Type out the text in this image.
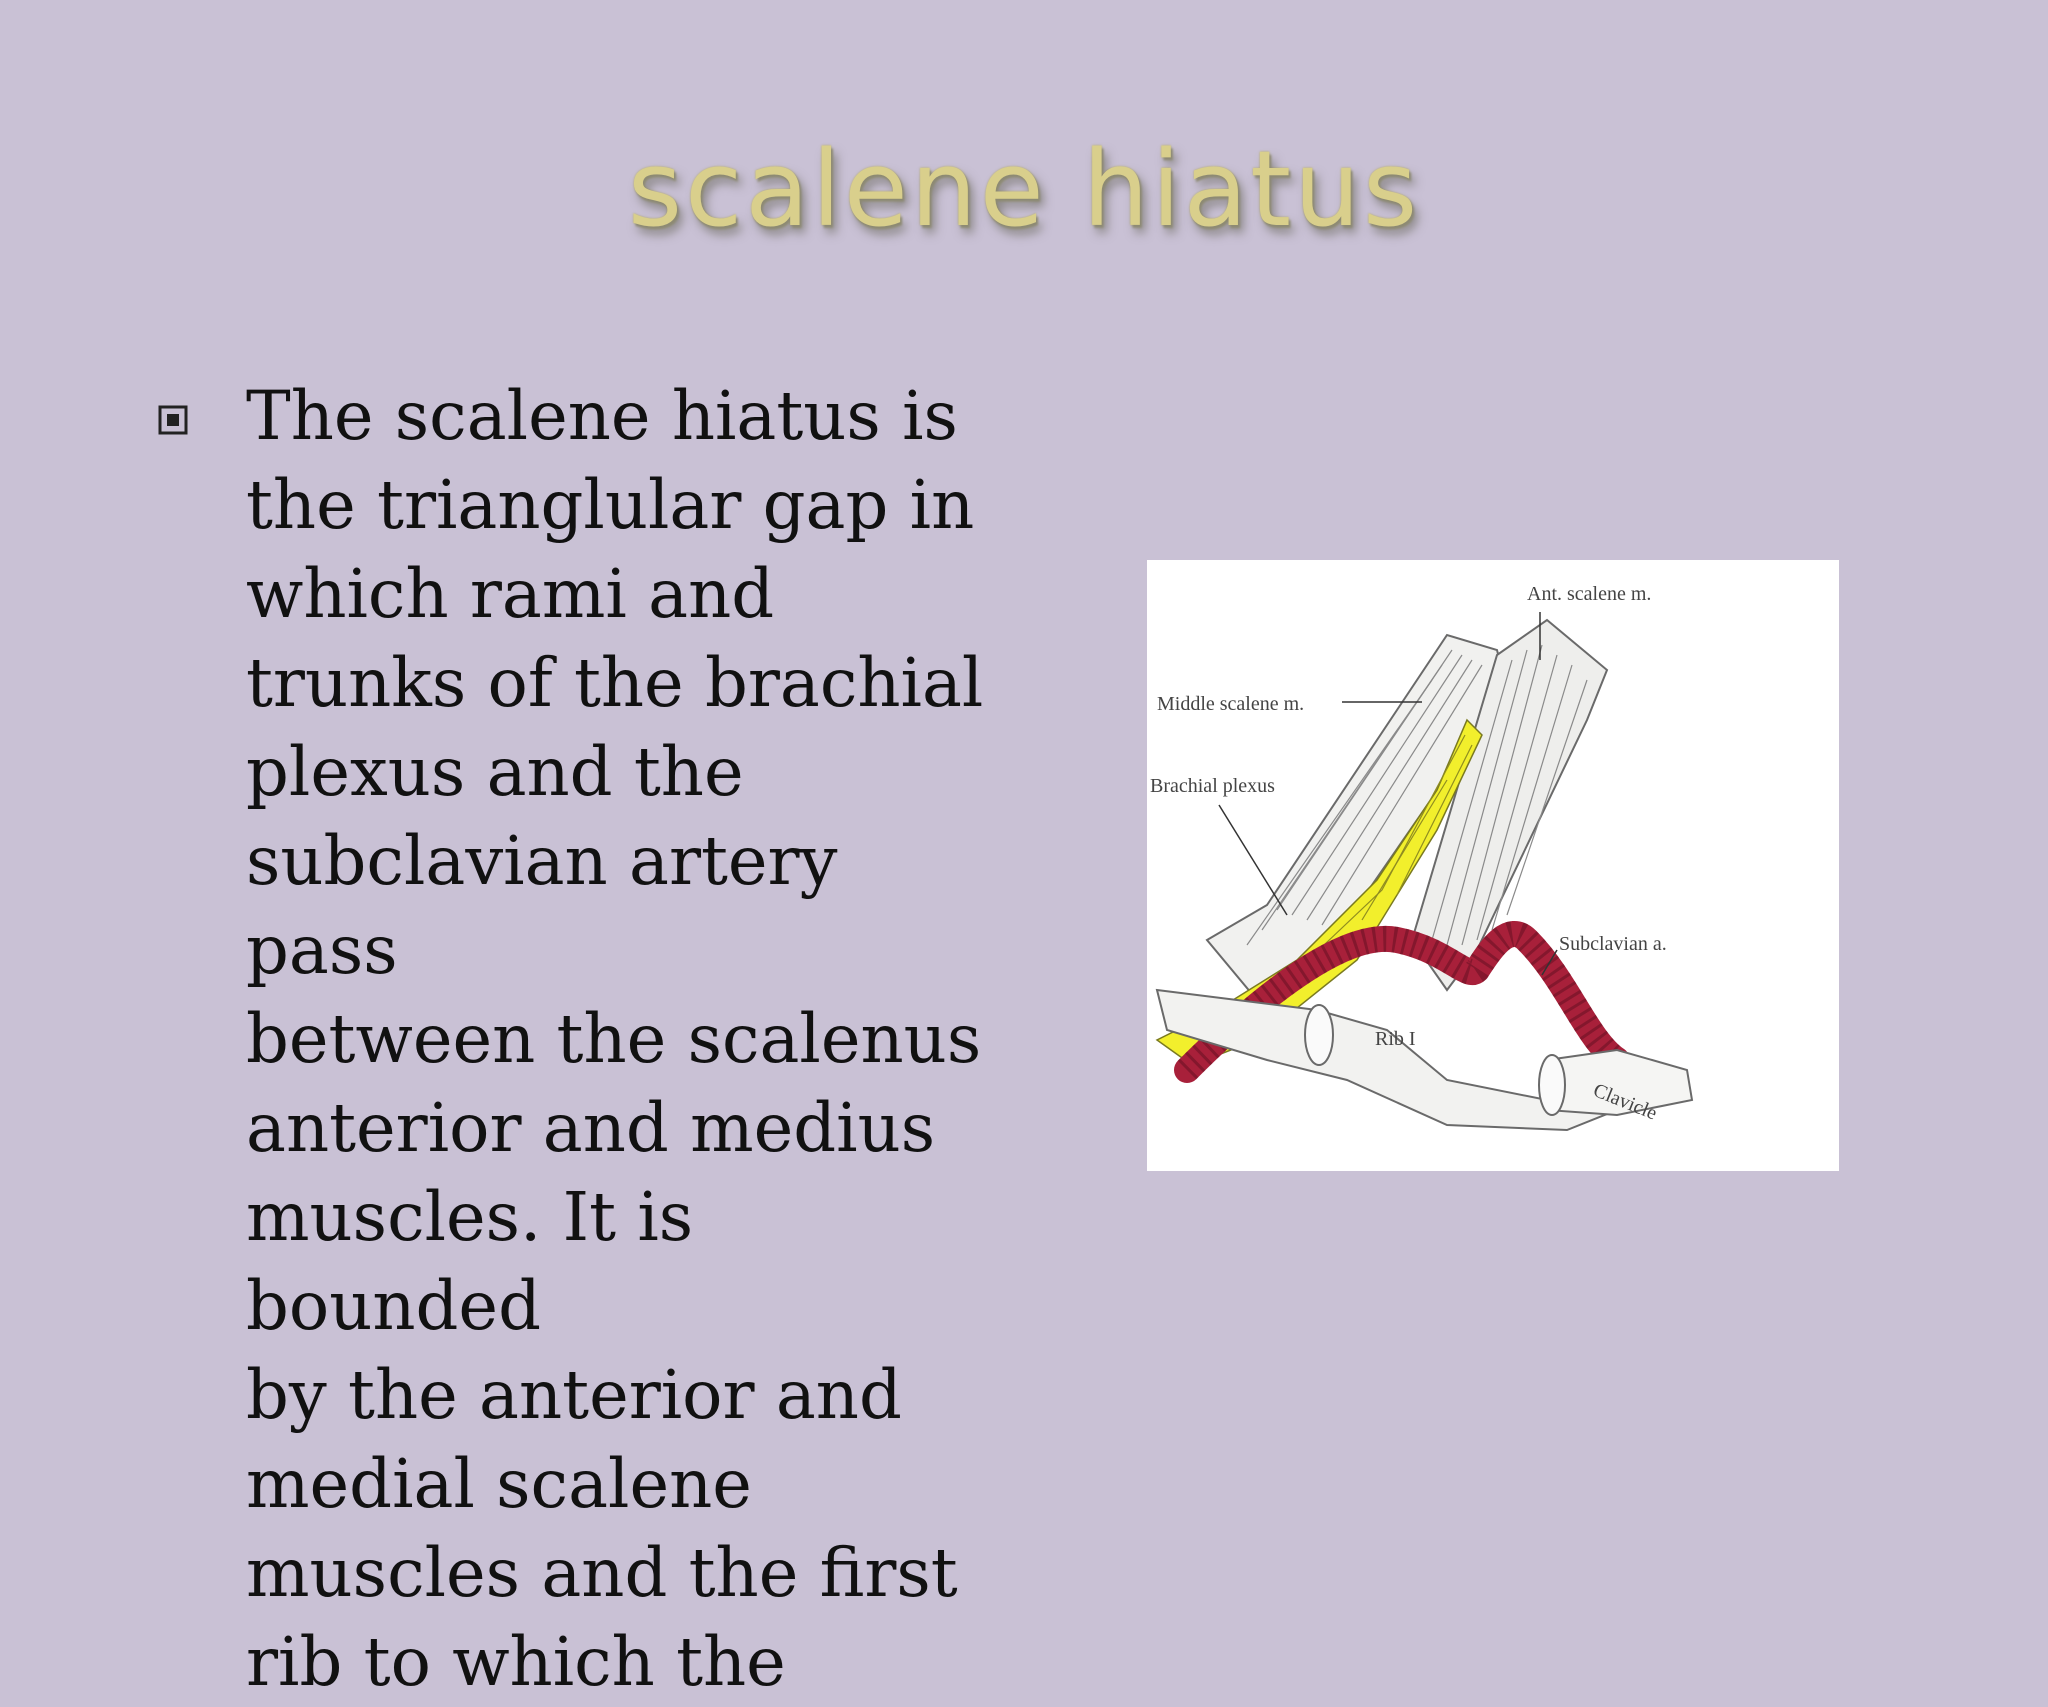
scalene hiatus
The scalene hiatus is
the trianglular gap in
which rami and
trunks of the brachial
plexus and the
subclavian artery pass
between the scalenus
anterior and medius
muscles. It is bounded
by the anterior and
medial scalene
muscles and the first
rib to which the
Ant. scalene m.
Middle scalene m.
Brachial plexus
Subclavian a.
Rib I
Clavicle
